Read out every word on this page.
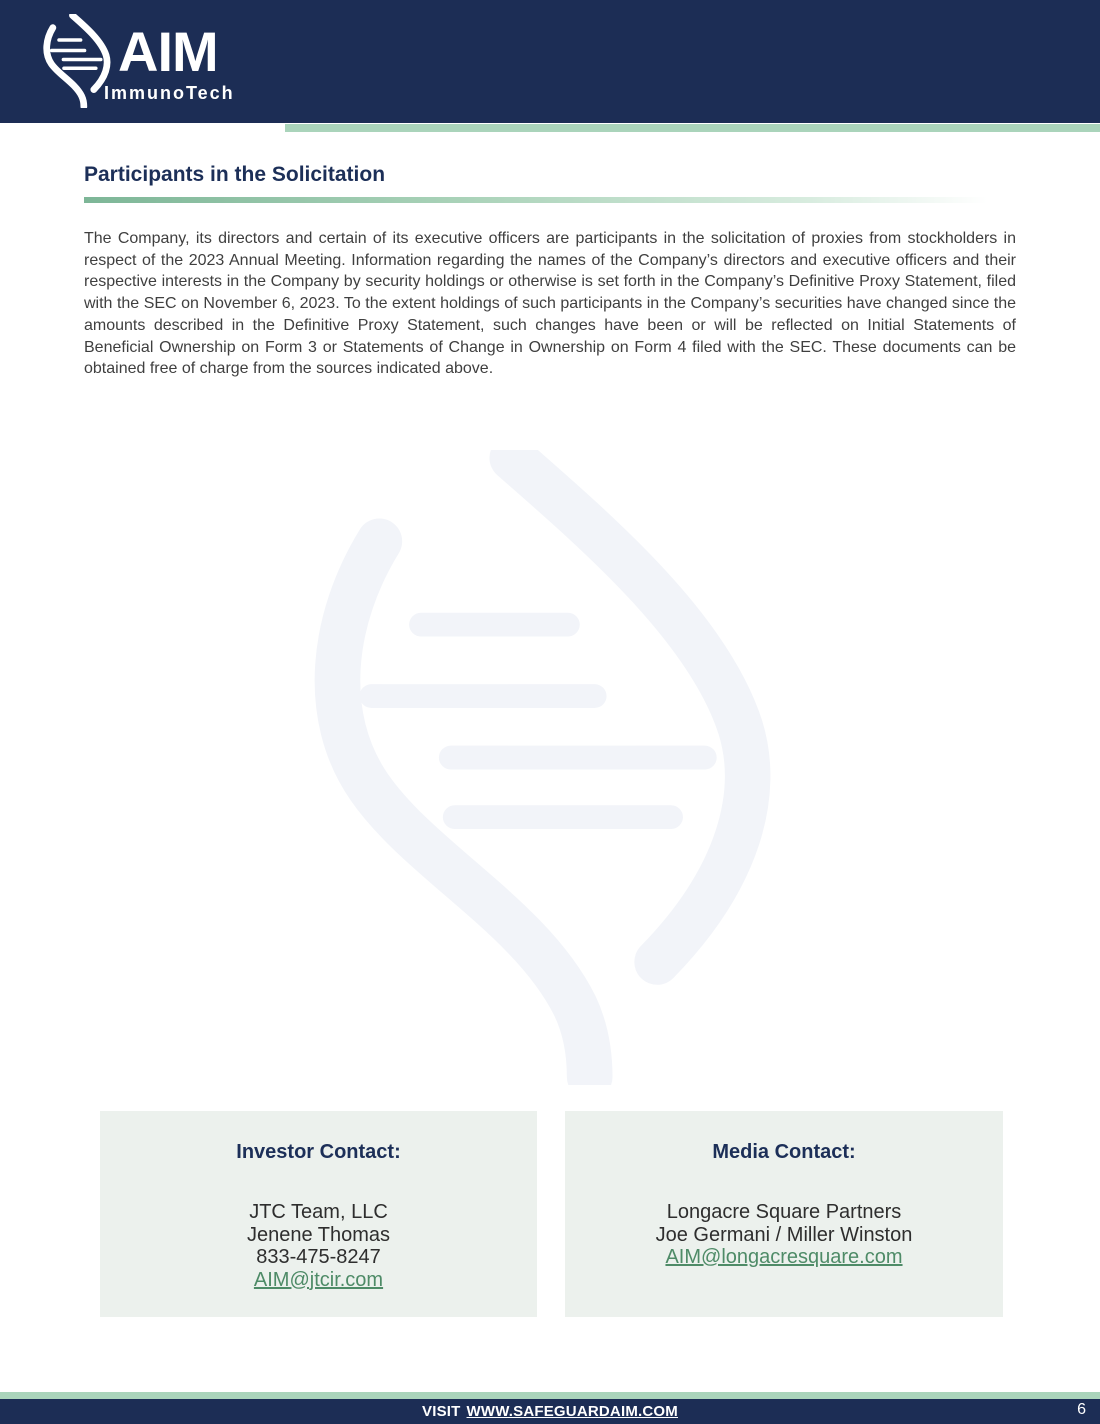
AIM
ImmunoTech
Participants in the Solicitation

The Company, its directors and certain of its executive officers are participants in the solicitation of proxies from stockholders in respect of the 2023 Annual Meeting. Information regarding the names of the Company’s directors and executive officers and their respective interests in the Company by security holdings or otherwise is set forth in the Company’s Definitive Proxy Statement, filed with the SEC on November 6, 2023. To the extent holdings of such participants in the Company’s securities have changed since the amounts described in the Definitive Proxy Statement, such changes have been or will be reflected on Initial Statements of Beneficial Ownership on Form 3 or Statements of Change in Ownership on Form 4 filed with the SEC. These documents can be obtained free of charge from the sources indicated above.

Investor Contact:
JTC Team, LLC
Jenene Thomas
833-475-8247
AIM@jtcir.com
Media Contact:
Longacre Square Partners
Joe Germani / Miller Winston
AIM@longacresquare.com
VISIT WWW.SAFEGUARDAIM.COM	6
